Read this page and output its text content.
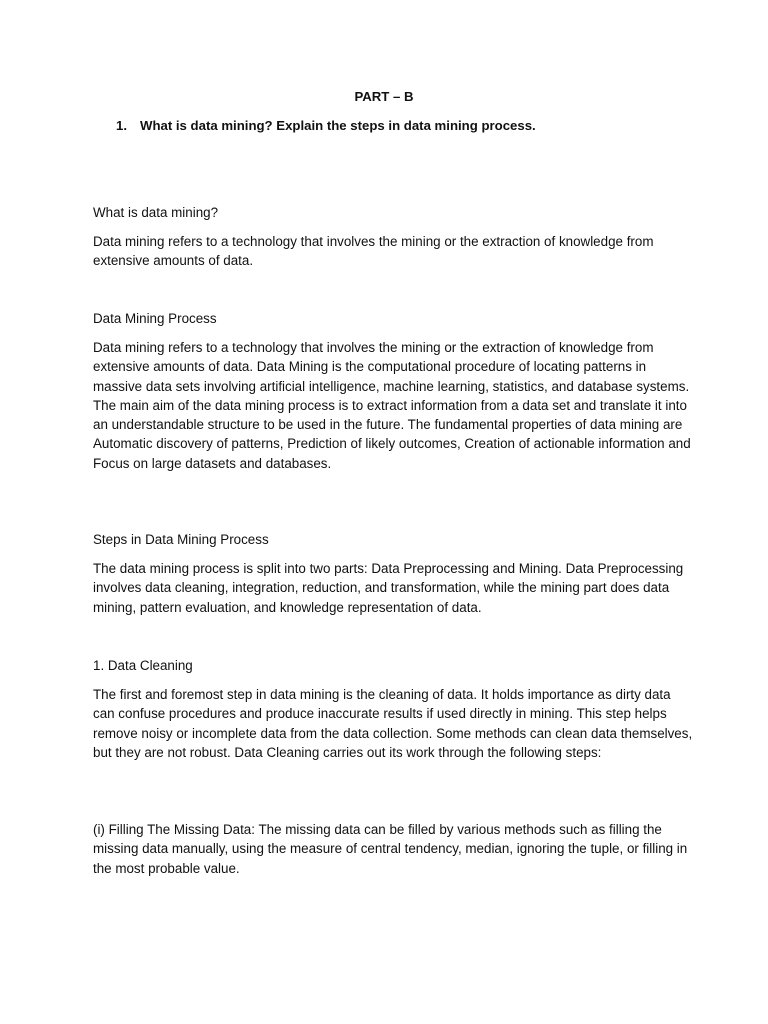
PART – B
1. What is data mining? Explain the steps in data mining process.

What is data mining?

Data mining refers to a technology that involves the mining or the extraction of knowledge from extensive amounts of data.

Data Mining Process

Data mining refers to a technology that involves the mining or the extraction of knowledge from extensive amounts of data. Data Mining is the computational procedure of locating patterns in massive data sets involving artificial intelligence, machine learning, statistics, and database systems. The main aim of the data mining process is to extract information from a data set and translate it into an understandable structure to be used in the future. The fundamental properties of data mining are Automatic discovery of patterns, Prediction of likely outcomes, Creation of actionable information and Focus on large datasets and databases.

Steps in Data Mining Process

The data mining process is split into two parts: Data Preprocessing and Mining. Data Preprocessing involves data cleaning, integration, reduction, and transformation, while the mining part does data mining, pattern evaluation, and knowledge representation of data.

1. Data Cleaning

The first and foremost step in data mining is the cleaning of data. It holds importance as dirty data can confuse procedures and produce inaccurate results if used directly in mining. This step helps remove noisy or incomplete data from the data collection. Some methods can clean data themselves, but they are not robust. Data Cleaning carries out its work through the following steps:

(i) Filling The Missing Data: The missing data can be filled by various methods such as filling the missing data manually, using the measure of central tendency, median, ignoring the tuple, or filling in the most probable value.
